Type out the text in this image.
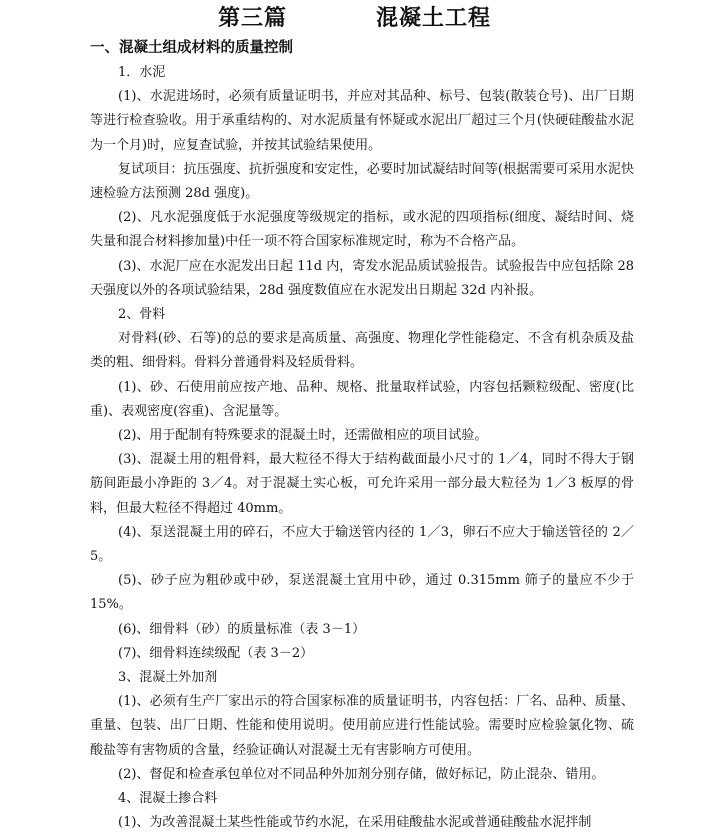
第三篇	混凝土工程
一、混凝土组成材料的质量控制

1．水泥

(1)、水泥进场时，必须有质量证明书，并应对其品种、标号、包装(散装仓号)、出厂日期等进行检查验收。用于承重结构的、对水泥质量有怀疑或水泥出厂超过三个月(快硬硅酸盐水泥为一个月)时，应复查试验，并按其试验结果使用。

复试项目：抗压强度、抗折强度和安定性，必要时加试凝结时间等(根据需要可采用水泥快速检验方法预测 28d 强度)。

(2)、凡水泥强度低于水泥强度等级规定的指标，或水泥的四项指标(细度、凝结时间、烧失量和混合材料掺加量)中任一项不符合国家标准规定时，称为不合格产品。

(3)、水泥厂应在水泥发出日起 11d 内，寄发水泥品质试验报告。试验报告中应包括除 28 天强度以外的各项试验结果，28d 强度数值应在水泥发出日期起 32d 内补报。

2、骨料

对骨料(砂、石等)的总的要求是高质量、高强度、物理化学性能稳定、不含有机杂质及盐类的粗、细骨料。骨料分普通骨料及轻质骨料。

(1)、砂、石使用前应按产地、品种、规格、批量取样试验，内容包括颗粒级配、密度(比重)、表观密度(容重)、含泥量等。

(2)、用于配制有特殊要求的混凝土时，还需做相应的项目试验。

(3)、混凝土用的粗骨料，最大粒径不得大于结构截面最小尺寸的 1／4，同时不得大于钢筋间距最小净距的 3／4。对于混凝土实心板，可允许采用一部分最大粒径为 1／3 板厚的骨料，但最大粒径不得超过 40mm。

(4)、泵送混凝土用的碎石，不应大于输送管内径的 1／3，卵石不应大于输送管径的 2／5。

(5)、砂子应为粗砂或中砂，泵送混凝土宜用中砂，通过 0.315mm 筛子的量应不少于 15%。

(6)、细骨料（砂）的质量标准（表 3－1）

(7)、细骨料连续级配（表 3－2）

3、混凝土外加剂

(1)、必须有生产厂家出示的符合国家标准的质量证明书，内容包括：厂名、品种、质量、重量、包装、出厂日期、性能和使用说明。使用前应进行性能试验。需要时应检验氯化物、硫酸盐等有害物质的含量，经验证确认对混凝土无有害影响方可使用。

(2)、督促和检查承包单位对不同品种外加剂分别存储，做好标记，防止混杂、错用。

4、混凝土掺合料

(1)、为改善混凝土某些性能或节约水泥，在采用硅酸盐水泥或普通硅酸盐水泥拌制
